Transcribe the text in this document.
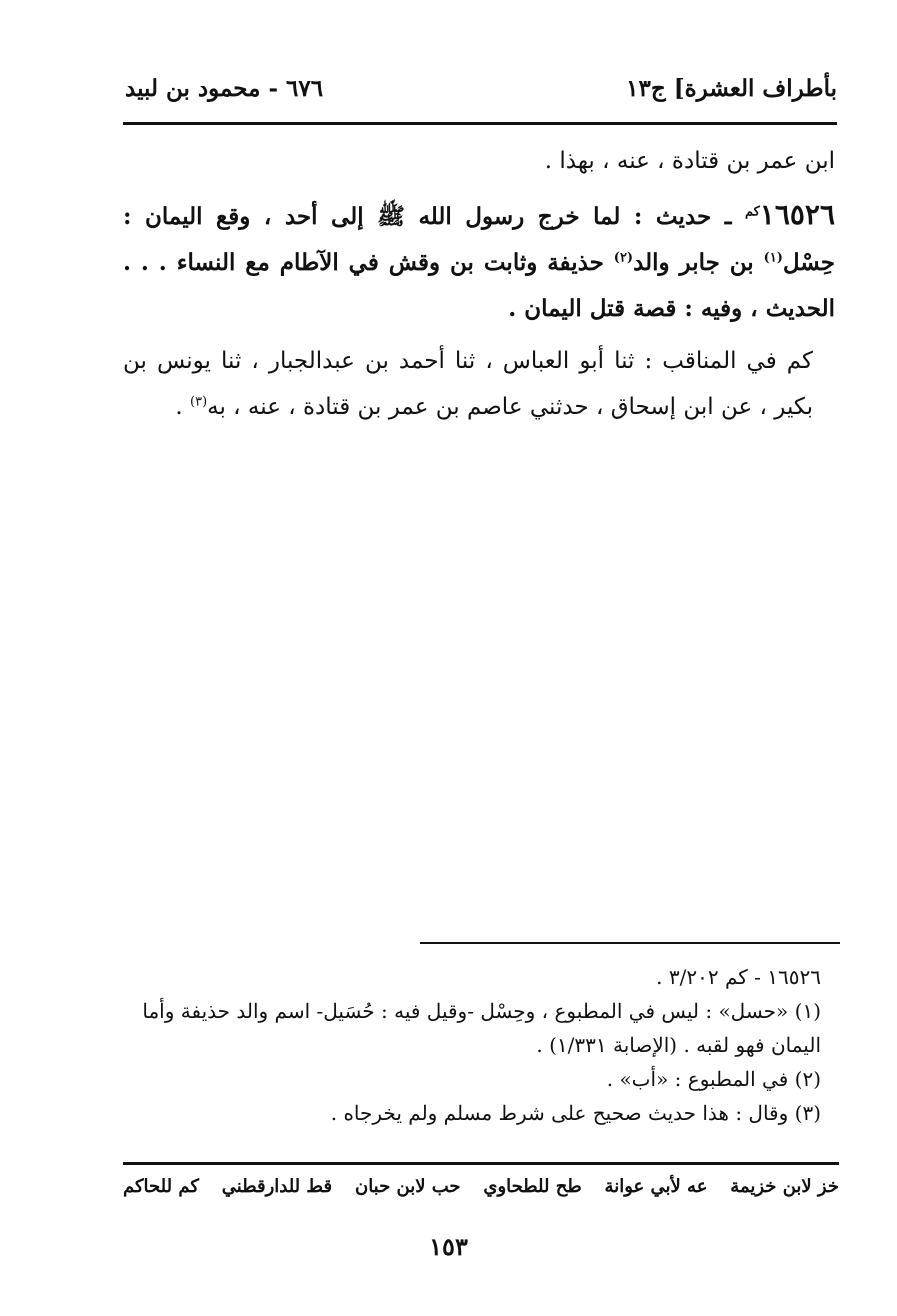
بأطراف العشرة] ج١٣
٦٧٦ - محمود بن لبيد

ابن عمر بن قتادة ، عنه ، بهذا .

$١٦٥٢٦^{كم}$ ـ حديث : لما خرج رسول الله ﷺ إلى أحد ، وقع اليمان : حِسْل$^{(١)}$ بن جابر والد$^{(٢)}$ حذيفة وثابت بن وقش في الآطام مع النساء . . . الحديث ، وفيه : قصة قتل اليمان .

كم في المناقب : ثنا أبو العباس ، ثنا أحمد بن عبدالجبار ، ثنا يونس بن بكير ، عن ابن إسحاق ، حدثني عاصم بن عمر بن قتادة ، عنه ، به$^{(٣)}$ .

١٦٥٢٦ - كم ٣/٢٠٢ .

(١) «حسل» : ليس في المطبوع ، وحِسْل -وقيل فيه : حُسَيل- اسم والد حذيفة وأما اليمان فهو لقبه . (الإصابة ١/٣٣١) .

(٢) في المطبوع : «أب» .

(٣) وقال : هذا حديث صحيح على شرط مسلم ولم يخرجاه .

خز لابن خزيمة
عه لأبي عوانة
طح للطحاوي
حب لابن حبان
قط للدارقطني
كم للحاكم
١٥٣
